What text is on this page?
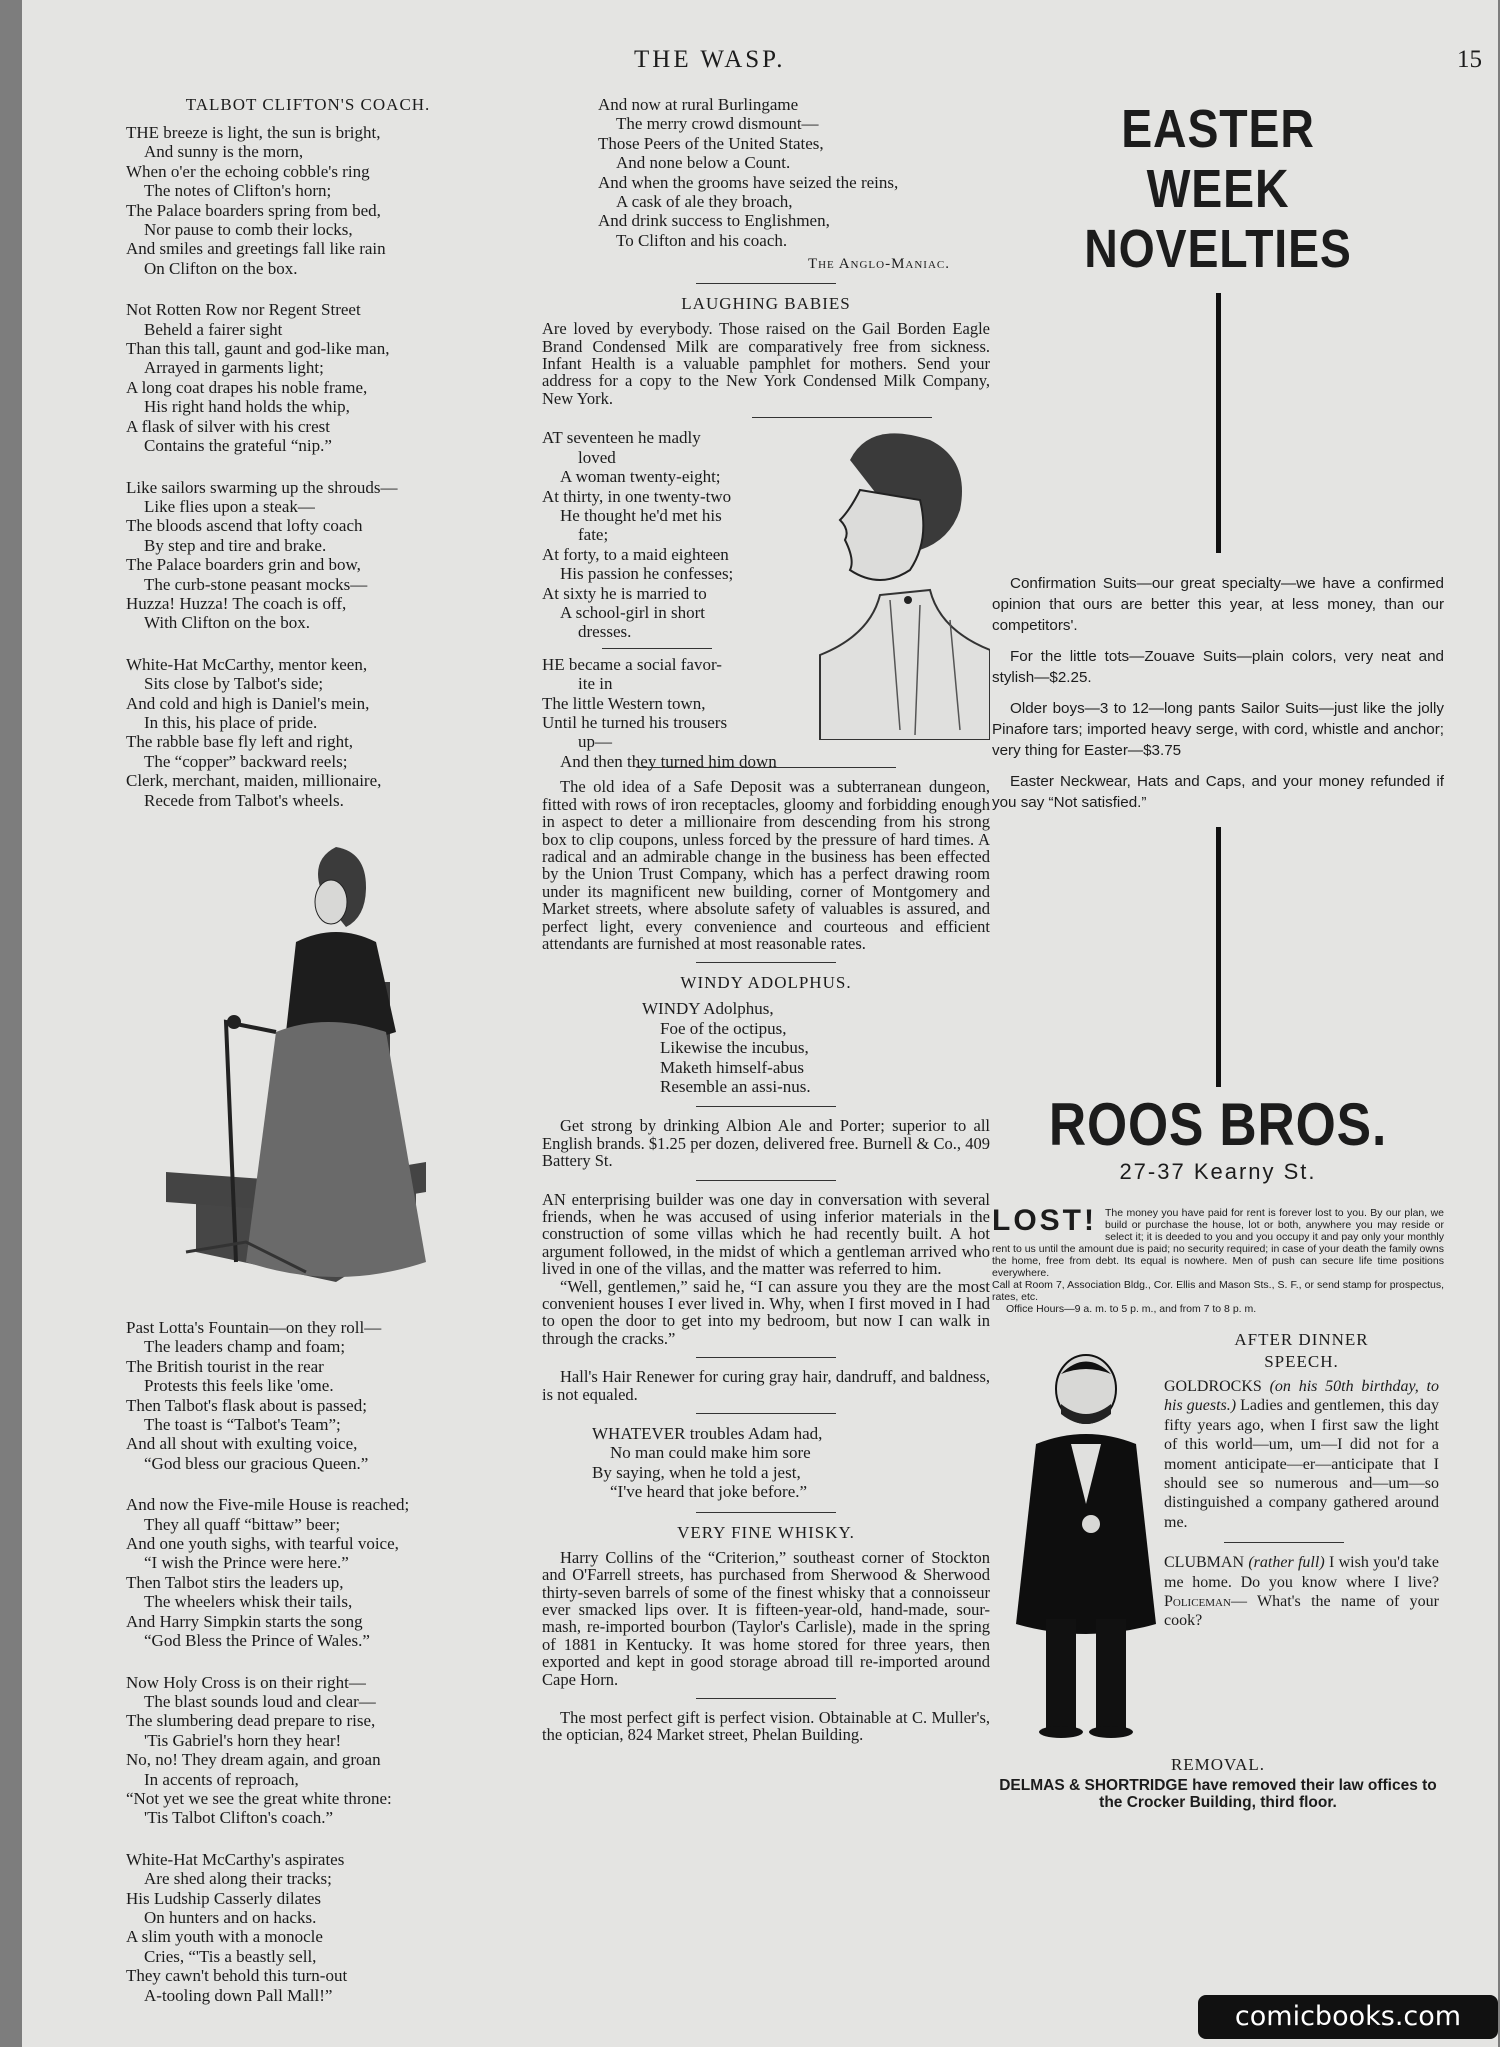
THE WASP.	15
TALBOT CLIFTON'S COACH.
THE breeze is light, the sun is bright,
And sunny is the morn,
When o'er the echoing cobble's ring
The notes of Clifton's horn;
The Palace boarders spring from bed,
Nor pause to comb their locks,
And smiles and greetings fall like rain
On Clifton on the box.
Not Rotten Row nor Regent Street
Beheld a fairer sight
Than this tall, gaunt and god-like man,
Arrayed in garments light;
A long coat drapes his noble frame,
His right hand holds the whip,
A flask of silver with his crest
Contains the grateful “nip.”
Like sailors swarming up the shrouds—
Like flies upon a steak—
The bloods ascend that lofty coach
By step and tire and brake.
The Palace boarders grin and bow,
The curb-stone peasant mocks—
Huzza! Huzza! The coach is off,
With Clifton on the box.
White-Hat McCarthy, mentor keen,
Sits close by Talbot's side;
And cold and high is Daniel's mein,
In this, his place of pride.
The rabble base fly left and right,
The “copper” backward reels;
Clerk, merchant, maiden, millionaire,
Recede from Talbot's wheels.
Past Lotta's Fountain—on they roll—
The leaders champ and foam;
The British tourist in the rear
Protests this feels like 'ome.
Then Talbot's flask about is passed;
The toast is “Talbot's Team”;
And all shout with exulting voice,
“God bless our gracious Queen.”
And now the Five-mile House is reached;
They all quaff “bittaw” beer;
And one youth sighs, with tearful voice,
“I wish the Prince were here.”
Then Talbot stirs the leaders up,
The wheelers whisk their tails,
And Harry Simpkin starts the song
“God Bless the Prince of Wales.”
Now Holy Cross is on their right—
The blast sounds loud and clear—
The slumbering dead prepare to rise,
'Tis Gabriel's horn they hear!
No, no! They dream again, and groan
In accents of reproach,
“Not yet we see the great white throne:
'Tis Talbot Clifton's coach.”
White-Hat McCarthy's aspirates
Are shed along their tracks;
His Ludship Casserly dilates
On hunters and on hacks.
A slim youth with a monocle
Cries, “'Tis a beastly sell,
They cawn't behold this turn-out
A-tooling down Pall Mall!”
And now at rural Burlingame
The merry crowd dismount—
Those Peers of the United States,
And none below a Count.
And when the grooms have seized the reins,
A cask of ale they broach,
And drink success to Englishmen,
To Clifton and his coach.
The Anglo-Maniac.
LAUGHING BABIES

Are loved by everybody. Those raised on the Gail Borden Eagle Brand Condensed Milk are comparatively free from sickness. Infant Health is a valuable pamphlet for mothers. Send your address for a copy to the New York Condensed Milk Company, New York.

AT seventeen he madly
loved
A woman twenty-eight;
At thirty, in one twenty-two
He thought he'd met his
fate;
At forty, to a maid eighteen
His passion he confesses;
At sixty he is married to
A school-girl in short
dresses.
HE became a social favor-
ite in
The little Western town,
Until he turned his trousers
up—
And then they turned him down

The old idea of a Safe Deposit was a subterranean dungeon, fitted with rows of iron receptacles, gloomy and forbidding enough in aspect to deter a millionaire from descending from his strong box to clip coupons, unless forced by the pressure of hard times. A radical and an admirable change in the business has been effected by the Union Trust Company, which has a perfect drawing room under its magnificent new building, corner of Montgomery and Market streets, where absolute safety of valuables is assured, and perfect light, every convenience and courteous and efficient attendants are furnished at most reasonable rates.

WINDY ADOLPHUS.
WINDY Adolphus,
Foe of the octipus,
Likewise the incubus,
Maketh himself-abus
Resemble an assi-nus.

Get strong by drinking Albion Ale and Porter; superior to all English brands. $1.25 per dozen, delivered free. Burnell & Co., 409 Battery St.

AN enterprising builder was one day in conversation with several friends, when he was accused of using inferior materials in the construction of some villas which he had recently built. A hot argument followed, in the midst of which a gentleman arrived who lived in one of the villas, and the matter was referred to him.

“Well, gentlemen,” said he, “I can assure you they are the most convenient houses I ever lived in. Why, when I first moved in I had to open the door to get into my bedroom, but now I can walk in through the cracks.”

Hall's Hair Renewer for curing gray hair, dandruff, and baldness, is not equaled.

WHATEVER troubles Adam had,
No man could make him sore
By saying, when he told a jest,
“I've heard that joke before.”
VERY FINE WHISKY.

Harry Collins of the “Criterion,” southeast corner of Stockton and O'Farrell streets, has purchased from Sherwood & Sherwood thirty-seven barrels of some of the finest whisky that a connoisseur ever smacked lips over. It is fifteen-year-old, hand-made, sour-mash, re-imported bourbon (Taylor's Carlisle), made in the spring of 1881 in Kentucky. It was home stored for three years, then exported and kept in good storage abroad till re-imported around Cape Horn.

The most perfect gift is perfect vision. Obtainable at C. Muller's, the optician, 824 Market street, Phelan Building.

EASTER
WEEK
NOVELTIES

Confirmation Suits—our great specialty—we have a confirmed opinion that ours are better this year, at less money, than our competitors'.

For the little tots—Zouave Suits—plain colors, very neat and stylish—$2.25.

Older boys—3 to 12—long pants Sailor Suits—just like the jolly Pinafore tars; imported heavy serge, with cord, whistle and anchor; very thing for Easter—$3.75

Easter Neckwear, Hats and Caps, and your money refunded if you say “Not satisfied.”

ROOS BROS.
27-37 Kearny St.
LOST! The money you have paid for rent is forever lost to you. By our plan, we build or purchase the house, lot or both, anywhere you may reside or select it; it is deeded to you and you occupy it and pay only your monthly rent to us until the amount due is paid; no security required; in case of your death the family owns the home, free from debt. Its equal is nowhere. Men of push can secure life time positions everywhere.
Call at Room 7, Association Bldg., Cor. Ellis and Mason Sts., S. F., or send stamp for prospectus, rates, etc.
Office Hours—9 a. m. to 5 p. m., and from 7 to 8 p. m.
AFTER DINNER
SPEECH.

GOLDROCKS (on his 50th birthday, to his guests.) Ladies and gentlemen, this day fifty years ago, when I first saw the light of this world—um, um—I did not for a moment anticipate—er—anticipate that I should see so numerous and—um—so distinguished a company gathered around me.

CLUBMAN (rather full) I wish you'd take me home. Do you know where I live? Policeman— What's the name of your cook?

REMOVAL.

DELMAS & SHORTRIDGE have removed their law offices to the Crocker Building, third floor.

comicbooks.com
